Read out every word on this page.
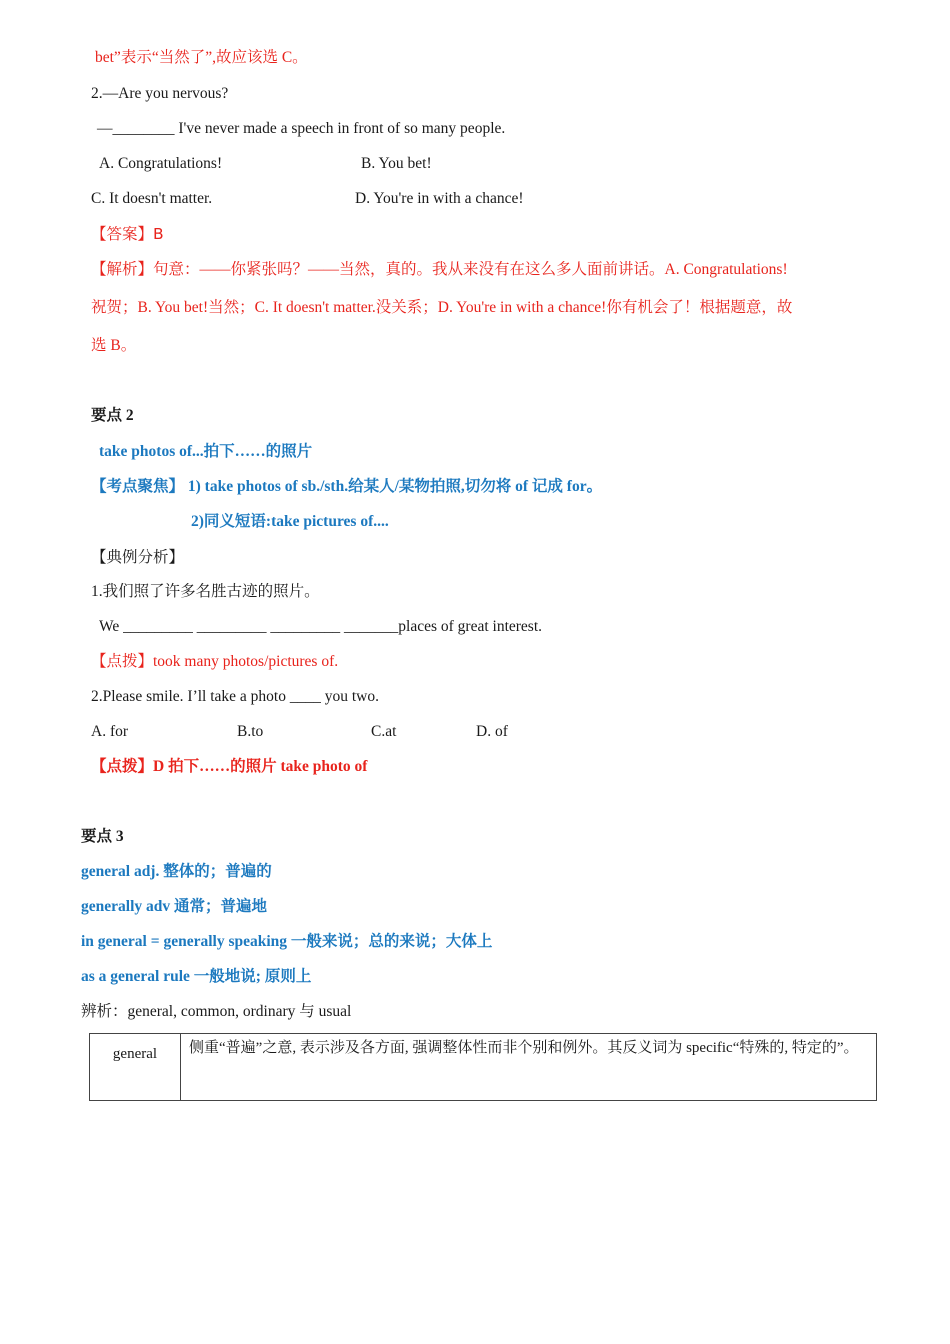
bet”表示“当然了”,故应该选 C。
2.—Are you nervous?
—________ I've never made a speech in front of so many people.
A. Congratulations!	B. You bet!
C. It doesn't matter.	D. You're in with a chance!
【答案】B
【解析】句意：——你紧张吗？——当然，真的。我从来没有在这么多人面前讲话。A. Congratulations!
祝贺；B. You bet!当然；C. It doesn't matter.没关系；D. You're in with a chance!你有机会了！根据题意，故
选 B。
要点 2
take photos of...拍下……的照片
【考点聚焦】 1) take photos of sb./sth.给某人/某物拍照,切勿将 of 记成 for。
2)同义短语:take pictures of....
【典例分析】
1.我们照了许多名胜古迹的照片。
We _________ _________ _________ _______places of great interest.
【点拨】took many photos/pictures of.
2.Please smile. I’ll take a photo ____ you two.
A. for	B.to	C.at	D. of
【点拨】D 拍下……的照片 take photo of
要点 3
general adj. 整体的；普遍的
generally adv 通常；普遍地
in general = generally speaking 一般来说；总的来说；大体上
as a general rule 一般地说; 原则上
辨析：general, common, ordinary 与 usual
general	侧重“普遍”之意, 表示涉及各方面, 强调整体性而非个别和例外。其反义词为 specific“特殊的, 特定的”。
